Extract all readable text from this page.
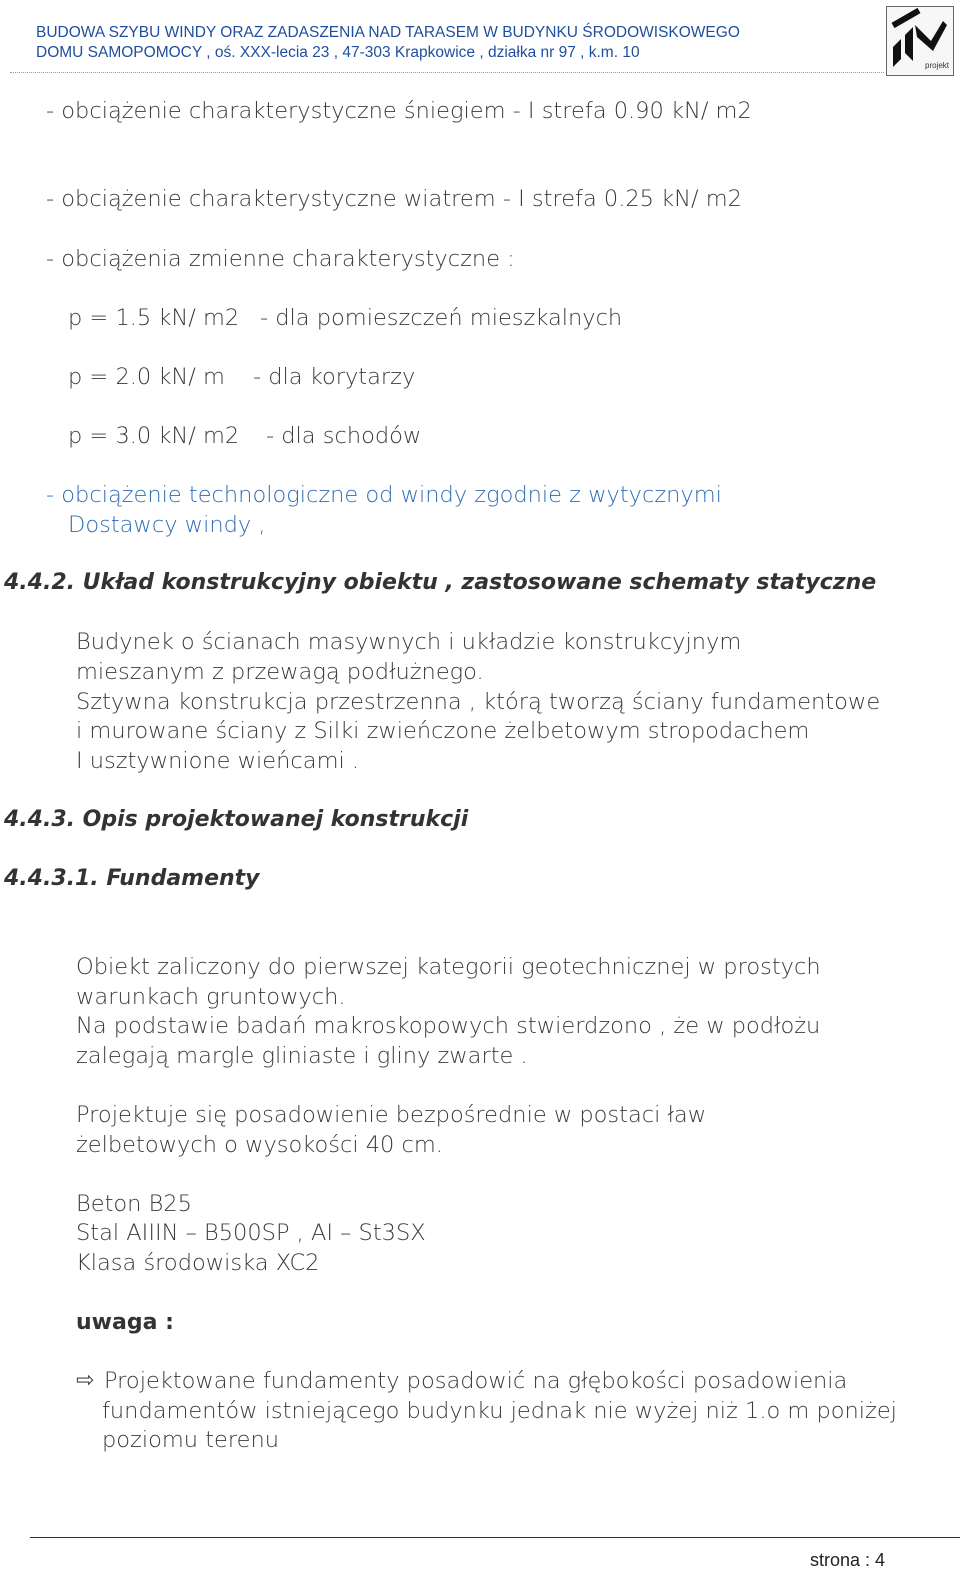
BUDOWA SZYBU WINDY ORAZ ZADASZENIA NAD TARASEM W BUDYNKU ŚRODOWISKOWEGO
DOMU SAMOPOMOCY , oś. XXX-lecia 23 , 47-303 Krapkowice , działka nr 97 , k.m. 10
projekt
- obciążenie charakterystyczne śniegiem - I strefa 0.90 kN/ m2
- obciążenie charakterystyczne wiatrem - I strefa 0.25 kN/ m2
- obciążenia zmienne charakterystyczne :
p = 1.5 kN/ m2 - dla pomieszczeń mieszkalnych
p = 2.0 kN/ m - dla korytarzy
p = 3.0 kN/ m2 - dla schodów
- obciążenie technologiczne od windy zgodnie z wytycznymi
Dostawcy windy ,
4.4.2. Układ konstrukcyjny obiektu , zastosowane schematy statyczne
Budynek o ścianach masywnych i układzie konstrukcyjnym
mieszanym z przewagą podłużnego.
Sztywna konstrukcja przestrzenna , którą tworzą ściany fundamentowe
i murowane ściany z Silki zwieńczone żelbetowym stropodachem
I usztywnione wieńcami .
4.4.3. Opis projektowanej konstrukcji
4.4.3.1. Fundamenty
Obiekt zaliczony do pierwszej kategorii geotechnicznej w prostych
warunkach gruntowych.
Na podstawie badań makroskopowych stwierdzono , że w podłożu
zalegają margle gliniaste i gliny zwarte .
Projektuje się posadowienie bezpośrednie w postaci ław
żelbetowych o wysokości 40 cm.
Beton B25
Stal AIIIN – B500SP , AI – St3SX
Klasa środowiska XC2
uwaga :
⇨ Projektowane fundamenty posadowić na głębokości posadowienia
fundamentów istniejącego budynku jednak nie wyżej niż 1.o m poniżej
poziomu terenu
strona : 4
